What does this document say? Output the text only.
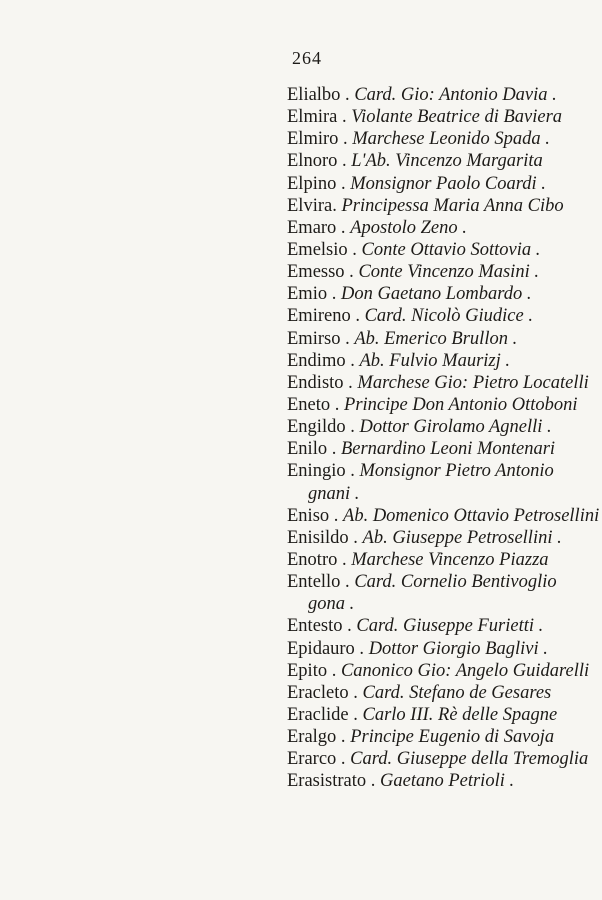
264
Elialbo . Card. Gio: Antonio Davia .
Elmira . Violante Beatrice di Baviera
Elmiro . Marchese Leonido Spada .
Elnoro . L'Ab. Vincenzo Margarita
Elpino . Monsignor Paolo Coardi .
Elvira. Principessa Maria Anna Cibo
Emaro . Apostolo Zeno .
Emelsio . Conte Ottavio Sottovia .
Emesso . Conte Vincenzo Masini .
Emio . Don Gaetano Lombardo .
Emireno . Card. Nicolò Giudice .
Emirso . Ab. Emerico Brullon .
Endimo . Ab. Fulvio Maurizj .
Endisto . Marchese Gio: Pietro Locatelli
Eneto . Principe Don Antonio Ottoboni
Engildo . Dottor Girolamo Agnelli .
Enilo . Bernardino Leoni Montenari
Eningio . Monsignor Pietro Antonio
gnani .
Eniso . Ab. Domenico Ottavio Petrosellini
Enisildo . Ab. Giuseppe Petrosellini .
Enotro . Marchese Vincenzo Piazza
Entello . Card. Cornelio Bentivoglio
gona .
Entesto . Card. Giuseppe Furietti .
Epidauro . Dottor Giorgio Baglivi .
Epito . Canonico Gio: Angelo Guidarelli
Eracleto . Card. Stefano de Gesares
Eraclide . Carlo III. Rè delle Spagne
Eralgo . Principe Eugenio di Savoja
Erarco . Card. Giuseppe della Tremoglia
Erasistrato . Gaetano Petrioli .
